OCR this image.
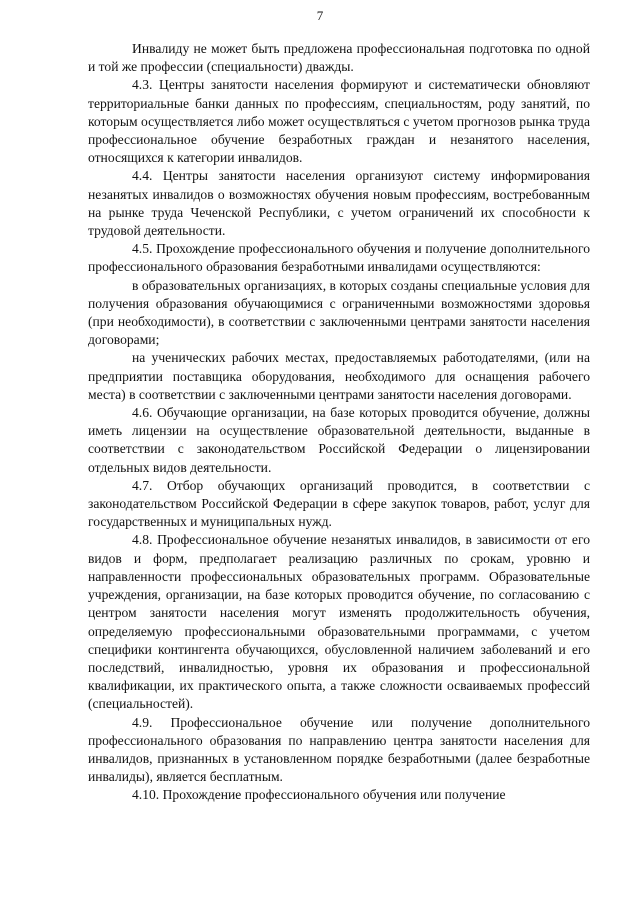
7

Инвалиду не может быть предложена профессиональная подготовка по одной и той же профессии (специальности) дважды.

4.3. Центры занятости населения формируют и систематически обновляют территориальные банки данных по профессиям, специальностям, роду занятий, по которым осуществляется либо может осуществляться с учетом прогнозов рынка труда профессиональное обучение безработных граждан и незанятого населения, относящихся к категории инвалидов.

4.4. Центры занятости населения организуют систему информирования незанятых инвалидов о возможностях обучения новым профессиям, востребованным на рынке труда Чеченской Республики, с учетом ограничений их способности к трудовой деятельности.

4.5. Прохождение профессионального обучения и получение дополнительного профессионального образования безработными инвалидами осуществляются:

в образовательных организациях, в которых созданы специальные условия для получения образования обучающимися с ограниченными возможностями здоровья (при необходимости), в соответствии с заключенными центрами занятости населения договорами;

на ученических рабочих местах, предоставляемых работодателями, (или на предприятии поставщика оборудования, необходимого для оснащения рабочего места) в соответствии с заключенными центрами занятости населения договорами.

4.6. Обучающие организации, на базе которых проводится обучение, должны иметь лицензии на осуществление образовательной деятельности, выданные в соответствии с законодательством Российской Федерации о лицензировании отдельных видов деятельности.

4.7. Отбор обучающих организаций проводится, в соответствии с законодательством Российской Федерации в сфере закупок товаров, работ, услуг для государственных и муниципальных нужд.

4.8. Профессиональное обучение незанятых инвалидов, в зависимости от его видов и форм, предполагает реализацию различных по срокам, уровню и направленности профессиональных образовательных программ. Образовательные учреждения, организации, на базе которых проводится обучение, по согласованию с центром занятости населения могут изменять продолжительность обучения, определяемую профессиональными образовательными программами, с учетом специфики контингента обучающихся, обусловленной наличием заболеваний и его последствий, инвалидностью, уровня их образования и профессиональной квалификации, их практического опыта, а также сложности осваиваемых профессий (специальностей).

4.9. Профессиональное обучение или получение дополнительного профессионального образования по направлению центра занятости населения для инвалидов, признанных в установленном порядке безработными (далее безработные инвалиды), является бесплатным.

4.10. Прохождение профессионального обучения или получение
